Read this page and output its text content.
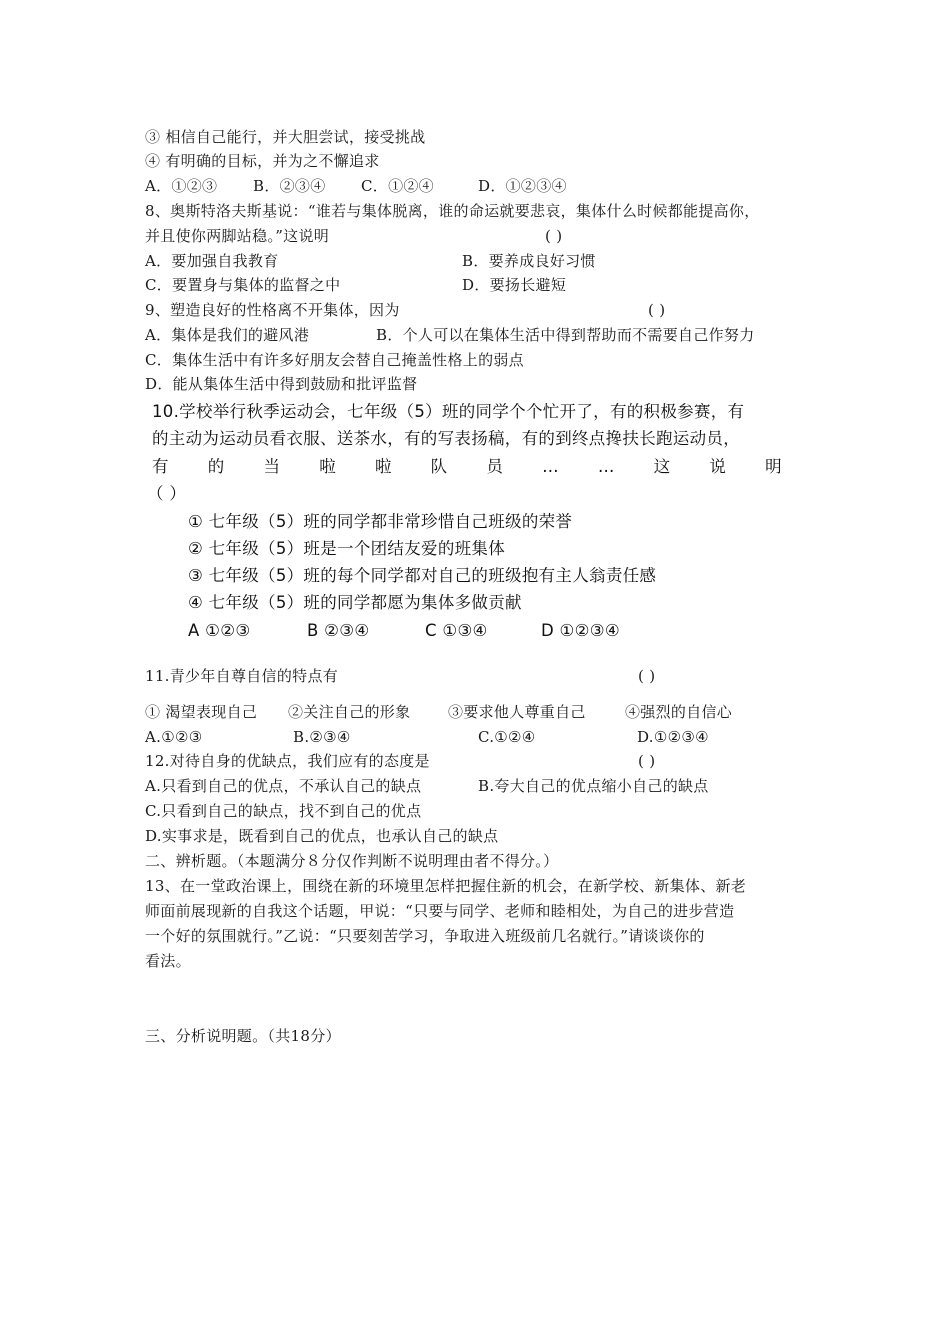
③ 相信自己能行，并大胆尝试，接受挑战
④ 有明确的目标，并为之不懈追求
A．①②③ B．②③④ C．①②④	D．①②③④
8、奥斯特洛夫斯基说：“谁若与集体脱离，谁的命运就要悲哀，集体什么时候都能提高你，
并且使你两脚站稳。”这说明	( )
A．要加强自我教育	B．要养成良好习惯
C．要置身与集体的监督之中	D．要扬长避短
9、塑造良好的性格离不开集体，因为	( )
A．集体是我们的避风港	B．个人可以在集体生活中得到帮助而不需要自己作努力
C．集体生活中有许多好朋友会替自己掩盖性格上的弱点
D．能从集体生活中得到鼓励和批评监督
10.学校举行秋季运动会，七年级（5）班的同学个个忙开了，有的积极参赛，有
的主动为运动员看衣服、送茶水，有的写表扬稿，有的到终点搀扶长跑运动员，
有 的 当 啦 啦 队 员 … … 这 说 明
（ ）
① 七年级（5）班的同学都非常珍惜自己班级的荣誉
② 七年级（5）班是一个团结友爱的班集体
③ 七年级（5）班的每个同学都对自己的班级抱有主人翁责任感
④ 七年级（5）班的同学都愿为集体多做贡献
A ①②③	B ②③④	C ①③④	D ①②③④
11.青少年自尊自信的特点有	( )
① 渴望表现自己 ②关注自己的形象	③要求他人尊重自己	④强烈的自信心
A.①②③	B.②③④	C.①②④	D.①②③④
12.对待自身的优缺点，我们应有的态度是	( )
A.只看到自己的优点，不承认自己的缺点	B.夸大自己的优点缩小自己的缺点
C.只看到自己的缺点，找不到自己的优点
D.实事求是，既看到自己的优点，也承认自己的缺点
二、辨析题。（本题满分８分仅作判断不说明理由者不得分。）
13、在一堂政治课上，围绕在新的环境里怎样把握住新的机会，在新学校、新集体、新老
师面前展现新的自我这个话题，甲说：“只要与同学、老师和睦相处，为自己的进步营造
一个好的氛围就行。”乙说：“只要刻苦学习，争取进入班级前几名就行。”请谈谈你的
看法。
三、分析说明题。（共18分）
